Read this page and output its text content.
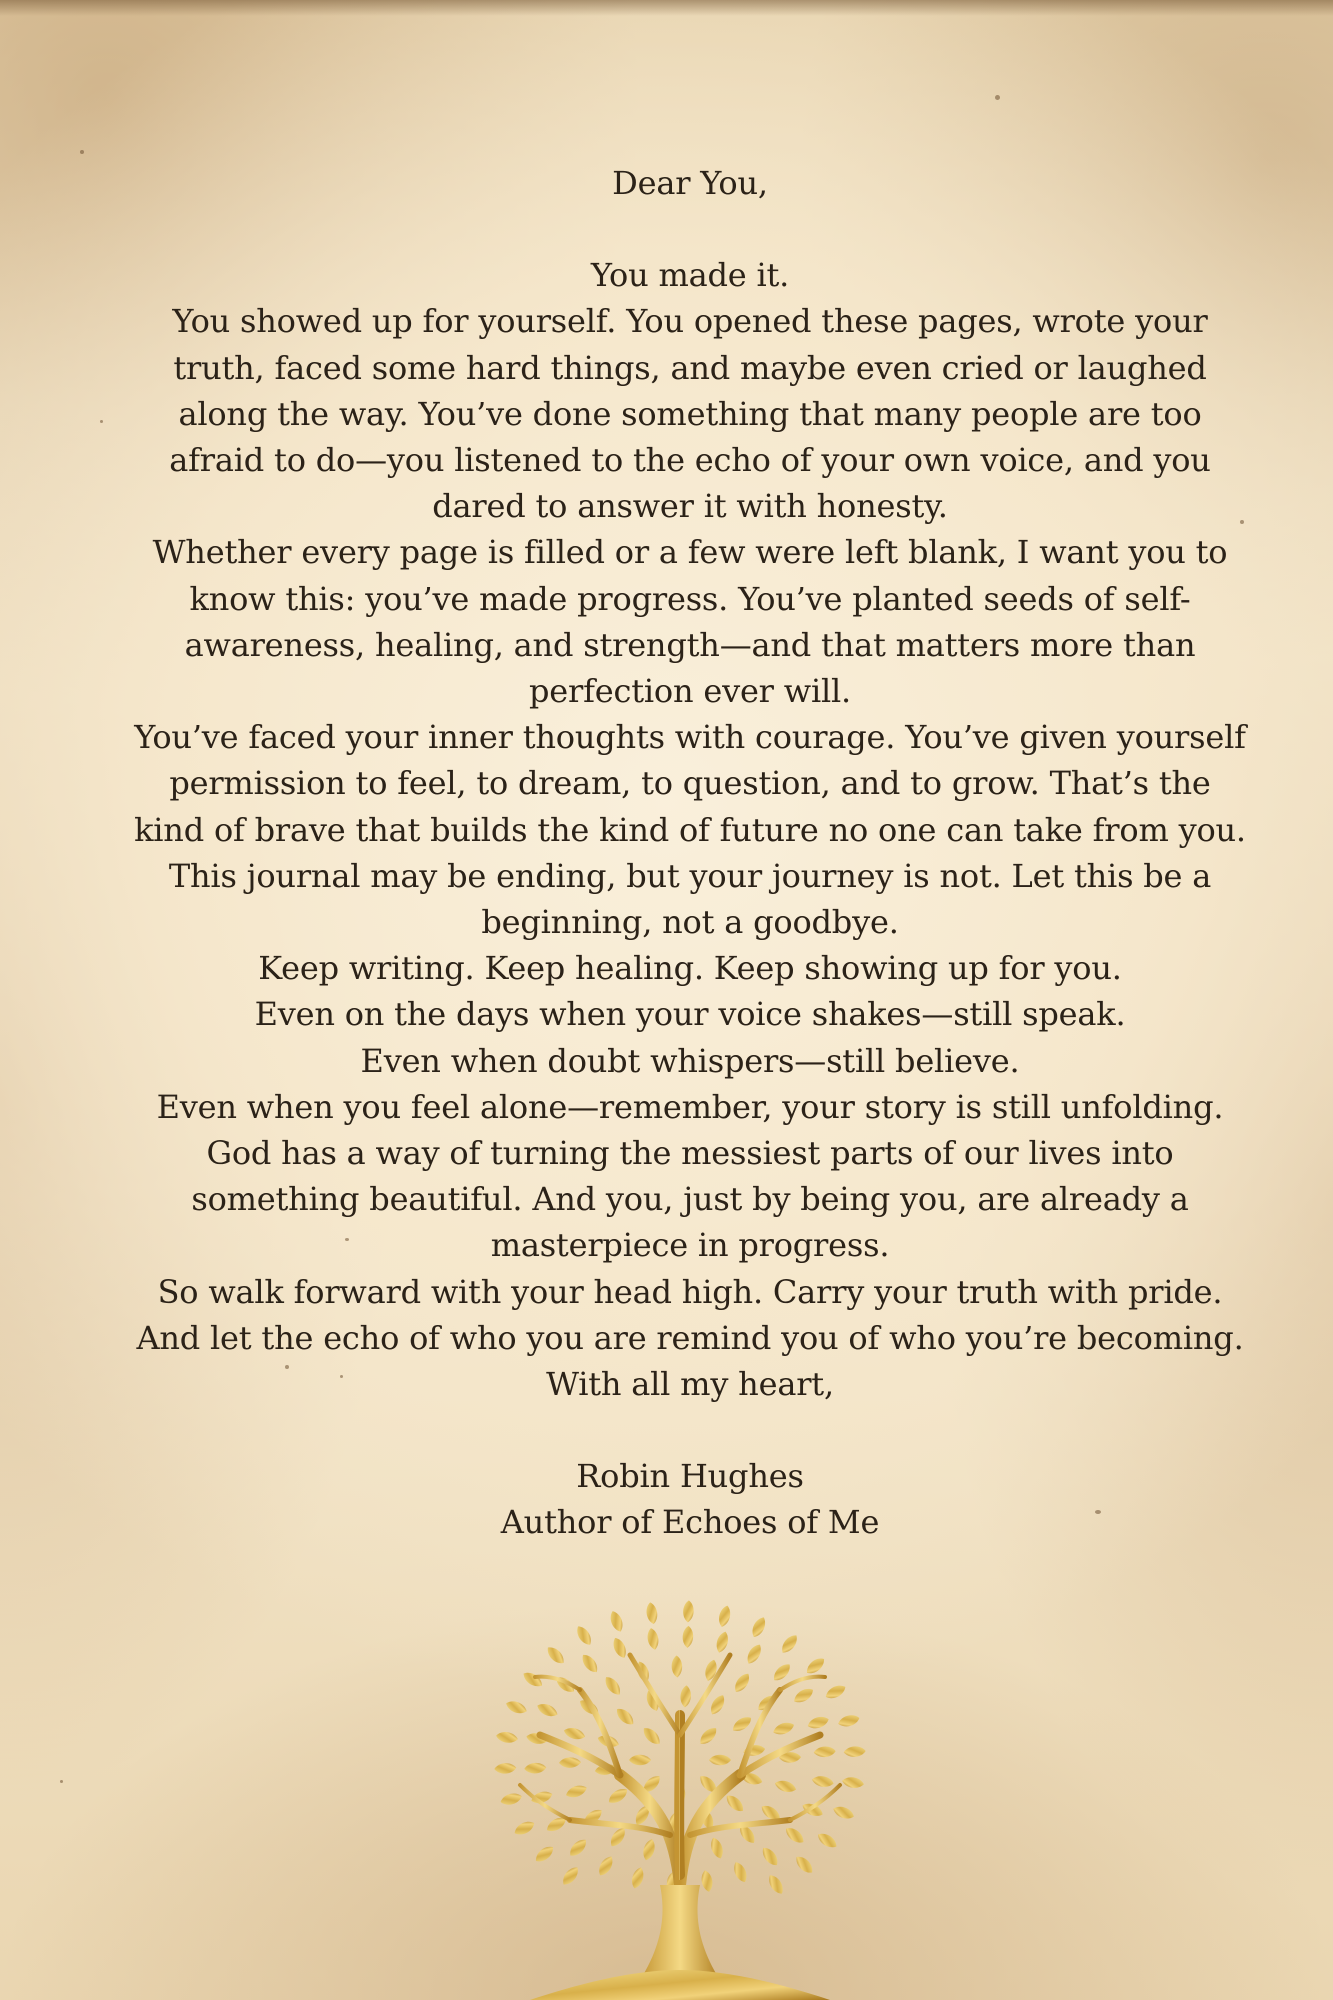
Dear You,

You made it.

You showed up for yourself. You opened these pages, wrote your truth, faced some hard things, and maybe even cried or laughed along the way. You’ve done something that many people are too afraid to do—you listened to the echo of your own voice, and you dared to answer it with honesty.

Whether every page is filled or a few were left blank, I want you to know this: you’ve made progress. You’ve planted seeds of self-awareness, healing, and strength—and that matters more than perfection ever will.

You’ve faced your inner thoughts with courage. You’ve given yourself permission to feel, to dream, to question, and to grow. That’s the kind of brave that builds the kind of future no one can take from you.

This journal may be ending, but your journey is not. Let this be a beginning, not a goodbye.

Keep writing. Keep healing. Keep showing up for you.

Even on the days when your voice shakes—still speak.

Even when doubt whispers—still believe.

Even when you feel alone—remember, your story is still unfolding.

God has a way of turning the messiest parts of our lives into something beautiful. And you, just by being you, are already a masterpiece in progress.

So walk forward with your head high. Carry your truth with pride.

And let the echo of who you are remind you of who you’re becoming.

With all my heart,

Robin Hughes

Author of Echoes of Me
